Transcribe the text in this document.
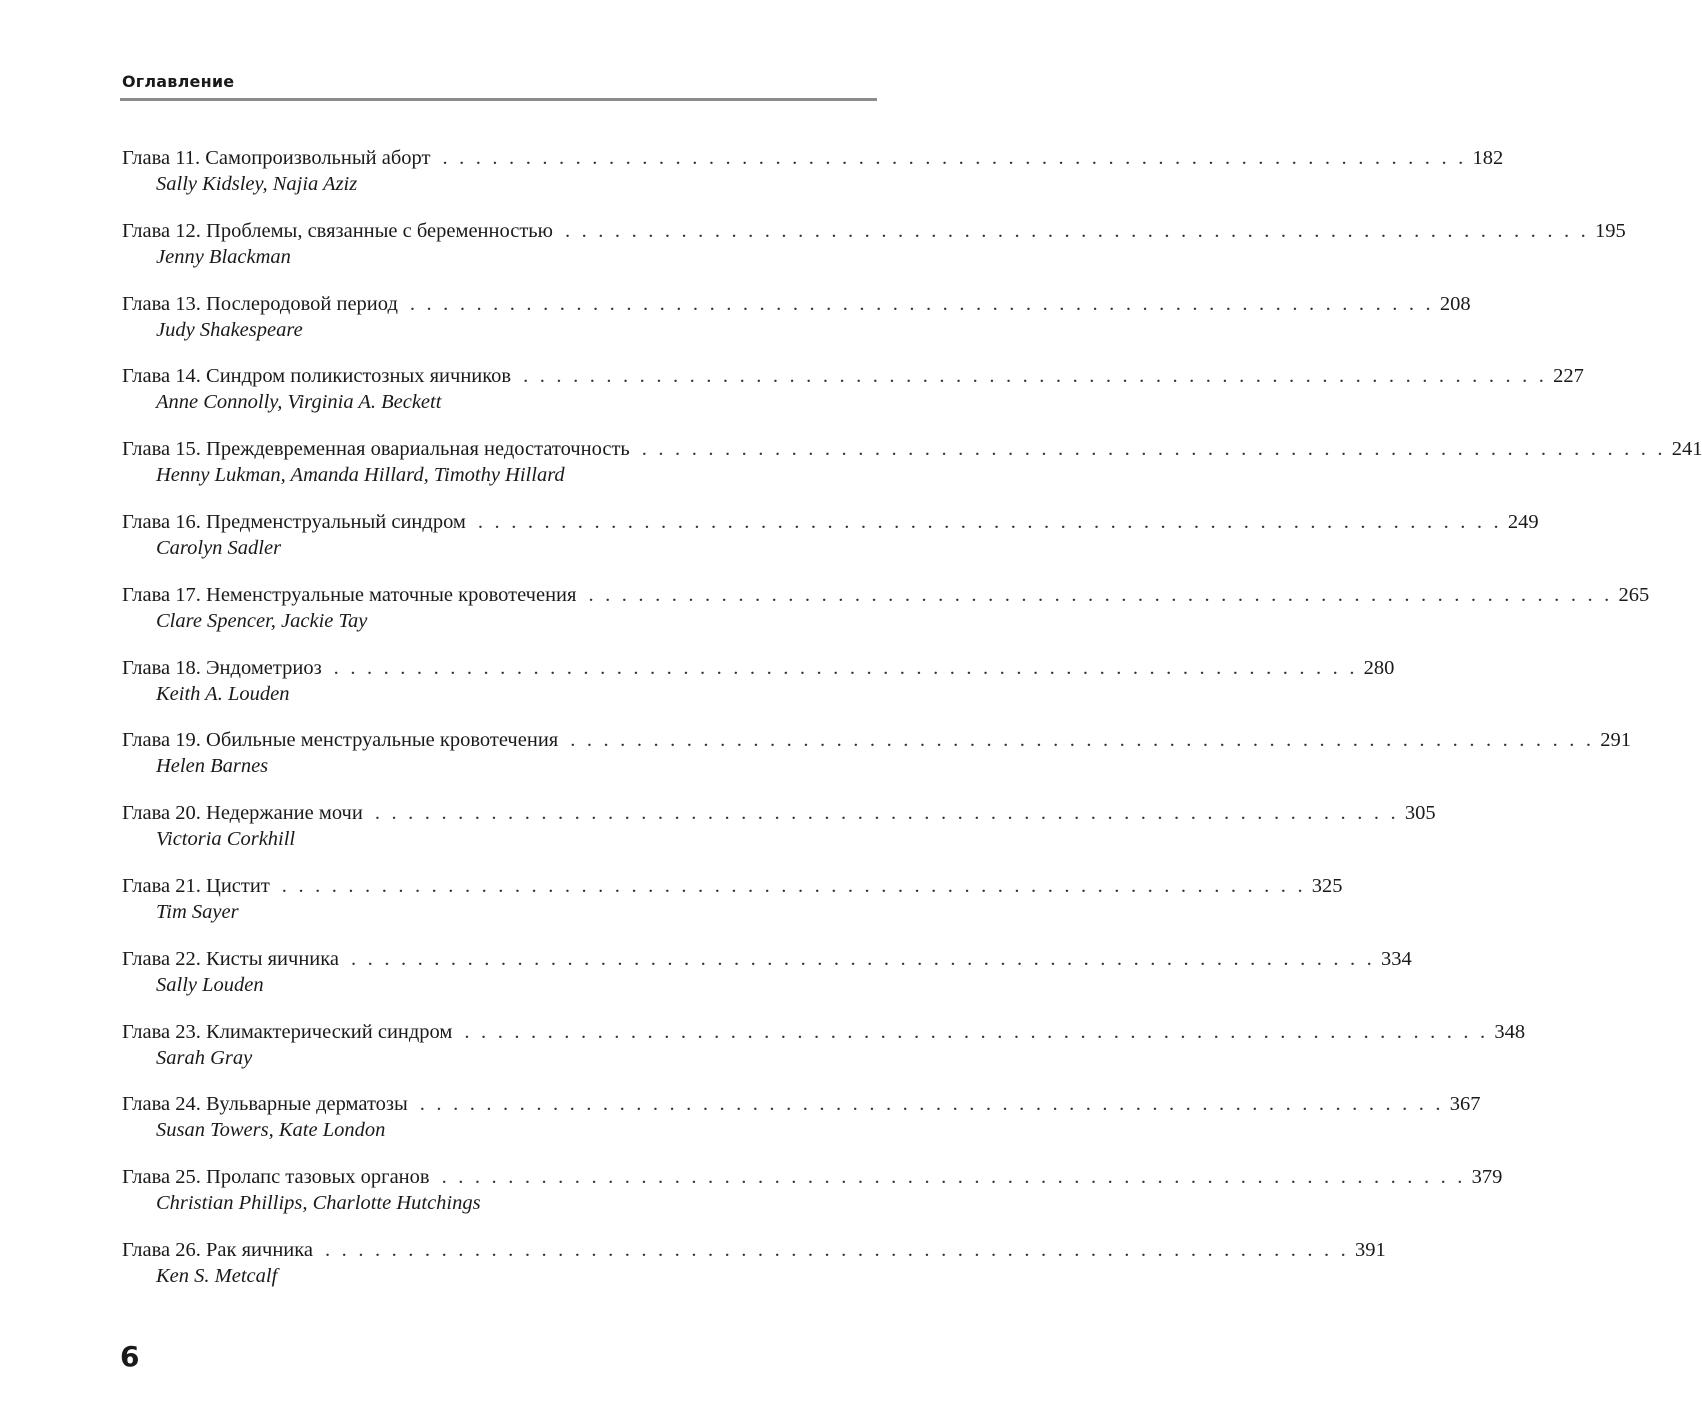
Оглавление
Глава 11. Самопроизвольный аборт . . . . . . . . . . . . . . . . . . . . . . . . . . . . . . . . . . . . . . . . . . . . . . . . . . . . . . . . . . . . . . 182
Sally Kidsley, Najia Aziz
Глава 12. Проблемы, связанные с беременностью . . . . . . . . . . . . . . . . . . . . . . . . . . . . . . . . . . . . . . . . . . . . . . . . . . . . . . . . . . . . . . 195
Jenny Blackman
Глава 13. Послеродовой период . . . . . . . . . . . . . . . . . . . . . . . . . . . . . . . . . . . . . . . . . . . . . . . . . . . . . . . . . . . . . . 208
Judy Shakespeare
Глава 14. Синдром поликистозных яичников . . . . . . . . . . . . . . . . . . . . . . . . . . . . . . . . . . . . . . . . . . . . . . . . . . . . . . . . . . . . . . 227
Anne Connolly, Virginia A. Beckett
Глава 15. Преждевременная овариальная недостаточность . . . . . . . . . . . . . . . . . . . . . . . . . . . . . . . . . . . . . . . . . . . . . . . . . . . . . . . . . . . . . . 241
Henny Lukman, Amanda Hillard, Timothy Hillard
Глава 16. Предменструальный синдром . . . . . . . . . . . . . . . . . . . . . . . . . . . . . . . . . . . . . . . . . . . . . . . . . . . . . . . . . . . . . . 249
Carolyn Sadler
Глава 17. Неменструальные маточные кровотечения . . . . . . . . . . . . . . . . . . . . . . . . . . . . . . . . . . . . . . . . . . . . . . . . . . . . . . . . . . . . . . 265
Clare Spencer, Jackie Tay
Глава 18. Эндометриоз . . . . . . . . . . . . . . . . . . . . . . . . . . . . . . . . . . . . . . . . . . . . . . . . . . . . . . . . . . . . . . 280
Keith A. Louden
Глава 19. Обильные менструальные кровотечения . . . . . . . . . . . . . . . . . . . . . . . . . . . . . . . . . . . . . . . . . . . . . . . . . . . . . . . . . . . . . . 291
Helen Barnes
Глава 20. Недержание мочи . . . . . . . . . . . . . . . . . . . . . . . . . . . . . . . . . . . . . . . . . . . . . . . . . . . . . . . . . . . . . . 305
Victoria Corkhill
Глава 21. Цистит . . . . . . . . . . . . . . . . . . . . . . . . . . . . . . . . . . . . . . . . . . . . . . . . . . . . . . . . . . . . . . 325
Tim Sayer
Глава 22. Кисты яичника . . . . . . . . . . . . . . . . . . . . . . . . . . . . . . . . . . . . . . . . . . . . . . . . . . . . . . . . . . . . . . 334
Sally Louden
Глава 23. Климактерический синдром . . . . . . . . . . . . . . . . . . . . . . . . . . . . . . . . . . . . . . . . . . . . . . . . . . . . . . . . . . . . . . 348
Sarah Gray
Глава 24. Вульварные дерматозы . . . . . . . . . . . . . . . . . . . . . . . . . . . . . . . . . . . . . . . . . . . . . . . . . . . . . . . . . . . . . . 367
Susan Towers, Kate London
Глава 25. Пролапс тазовых органов . . . . . . . . . . . . . . . . . . . . . . . . . . . . . . . . . . . . . . . . . . . . . . . . . . . . . . . . . . . . . . 379
Christian Phillips, Charlotte Hutchings
Глава 26. Рак яичника . . . . . . . . . . . . . . . . . . . . . . . . . . . . . . . . . . . . . . . . . . . . . . . . . . . . . . . . . . . . . . 391
Ken S. Metcalf
6
